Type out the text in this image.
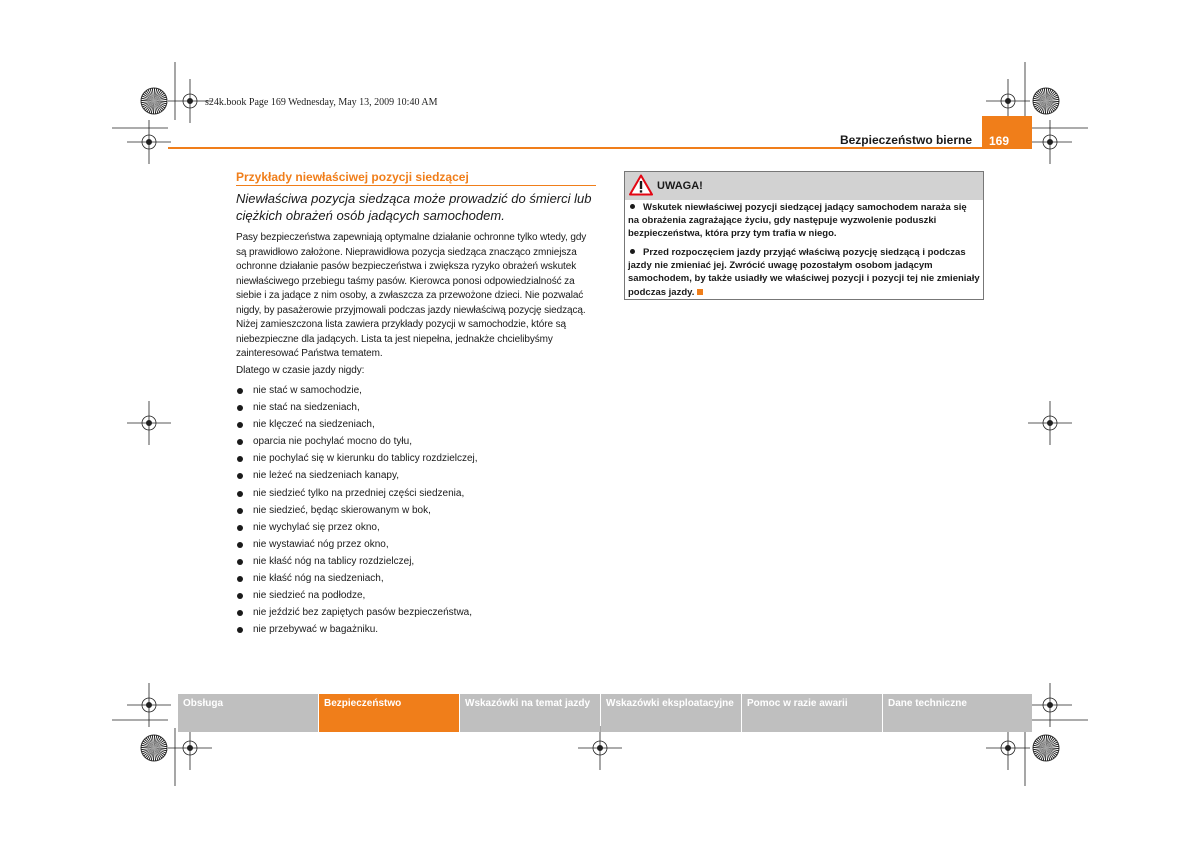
s24k.book Page 169 Wednesday, May 13, 2009 10:40 AM
Bezpieczeństwo bierne	169
Przykłady niewłaściwej pozycji siedzącej
Niewłaściwa pozycja siedząca może prowadzić do śmierci lub ciężkich obrażeń osób jadących samochodem.
Pasy bezpieczeństwa zapewniają optymalne działanie ochronne tylko wtedy, gdy są prawidłowo założone. Nieprawidłowa pozycja siedząca znacząco zmniejsza ochronne działanie pasów bezpieczeństwa i zwiększa ryzyko obrażeń wskutek niewłaściwego przebiegu taśmy pasów. Kierowca ponosi odpowiedzialność za siebie i za jadące z nim osoby, a zwłaszcza za przewożone dzieci. Nie pozwalać nigdy, by pasażerowie przyjmowali podczas jazdy niewłaściwą pozycję siedzącą.
Niżej zamieszczona lista zawiera przykłady pozycji w samochodzie, które są niebezpieczne dla jadących. Lista ta jest niepełna, jednakże chcielibyśmy zainteresować Państwa tematem.
Dlatego w czasie jazdy nigdy:
nie stać w samochodzie,
nie stać na siedzeniach,
nie klęczeć na siedzeniach,
oparcia nie pochylać mocno do tyłu,
nie pochylać się w kierunku do tablicy rozdzielczej,
nie leżeć na siedzeniach kanapy,
nie siedzieć tylko na przedniej części siedzenia,
nie siedzieć, będąc skierowanym w bok,
nie wychylać się przez okno,
nie wystawiać nóg przez okno,
nie kłaść nóg na tablicy rozdzielczej,
nie kłaść nóg na siedzeniach,
nie siedzieć na podłodze,
nie jeździć bez zapiętych pasów bezpieczeństwa,
nie przebywać w bagażniku.
UWAGA!
Wskutek niewłaściwej pozycji siedzącej jadący samochodem naraża się na obrażenia zagrażające życiu, gdy następuje wyzwolenie poduszki bezpieczeństwa, która przy tym trafia w niego.
Przed rozpoczęciem jazdy przyjąć właściwą pozycję siedzącą i podczas jazdy nie zmieniać jej. Zwrócić uwagę pozostałym osobom jadącym samochodem, by także usiadły we właściwej pozycji i pozycji tej nie zmieniały podczas jazdy.
Obsługa	Bezpieczeństwo	Wskazówki na temat jazdy	Wskazówki eksploatacyjne	Pomoc w razie awarii	Dane techniczne
